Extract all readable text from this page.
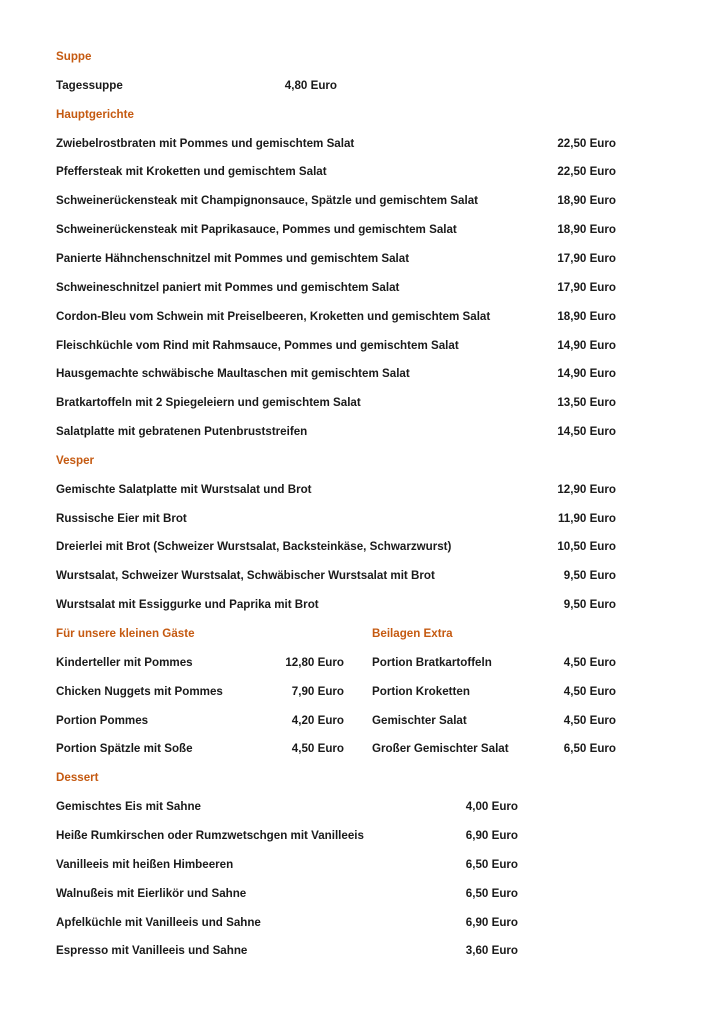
Suppe
Tagessuppe	4,80 Euro
Hauptgerichte
Zwiebelrostbraten mit Pommes und gemischtem Salat	22,50 Euro
Pfeffersteak mit Kroketten und gemischtem Salat	22,50 Euro
Schweinerückensteak mit Champignonsauce, Spätzle und gemischtem Salat	18,90 Euro
Schweinerückensteak mit Paprikasauce, Pommes und gemischtem Salat	18,90 Euro
Panierte Hähnchenschnitzel mit Pommes und gemischtem Salat	17,90 Euro
Schweineschnitzel paniert mit Pommes und gemischtem Salat	17,90 Euro
Cordon-Bleu vom Schwein mit Preiselbeeren, Kroketten und gemischtem Salat	18,90 Euro
Fleischküchle vom Rind mit Rahmsauce, Pommes und gemischtem Salat	14,90 Euro
Hausgemachte schwäbische Maultaschen mit gemischtem Salat	14,90 Euro
Bratkartoffeln mit 2 Spiegeleiern und gemischtem Salat	13,50 Euro
Salatplatte mit gebratenen Putenbruststreifen	14,50 Euro
Vesper
Gemischte Salatplatte mit Wurstsalat und Brot	12,90 Euro
Russische Eier mit Brot	11,90 Euro
Dreierlei mit Brot (Schweizer Wurstsalat, Backsteinkäse, Schwarzwurst)	10,50 Euro
Wurstsalat, Schweizer Wurstsalat, Schwäbischer Wurstsalat mit Brot	9,50 Euro
Wurstsalat mit Essiggurke und Paprika mit Brot	9,50 Euro
Für unsere kleinen Gäste
Kinderteller mit Pommes	12,80 Euro
Chicken Nuggets mit Pommes	7,90 Euro
Portion Pommes	4,20 Euro
Portion Spätzle mit Soße	4,50 Euro
Beilagen Extra
Portion Bratkartoffeln	4,50 Euro
Portion Kroketten	4,50 Euro
Gemischter Salat	4,50 Euro
Großer Gemischter Salat	6,50 Euro
Dessert
Gemischtes Eis mit Sahne	4,00 Euro
Heiße Rumkirschen oder Rumzwetschgen mit Vanilleeis	6,90 Euro
Vanilleeis mit heißen Himbeeren	6,50 Euro
Walnußeis mit Eierlikör und Sahne	6,50 Euro
Apfelküchle mit Vanilleeis und Sahne	6,90 Euro
Espresso mit Vanilleeis und Sahne	3,60 Euro
